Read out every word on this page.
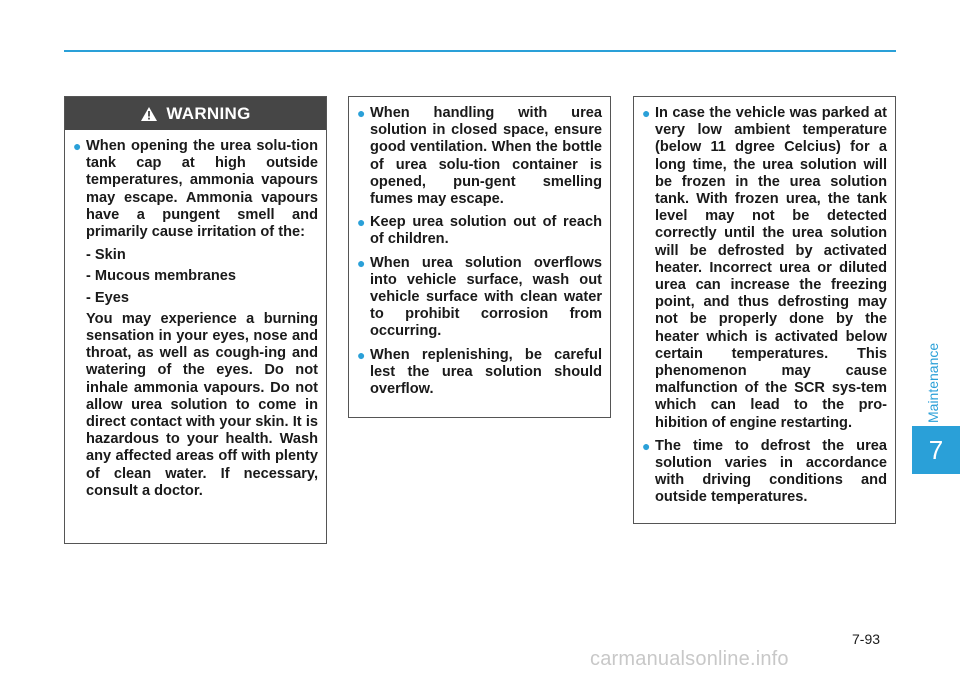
WARNING
● When opening the urea solu-tion tank cap at high outside temperatures, ammonia vapours may escape. Ammonia vapours have a pungent smell and primarily cause irritation of the:
- Skin
- Mucous membranes
- Eyes
You may experience a burning sensation in your eyes, nose and throat, as well as cough-ing and watering of the eyes. Do not inhale ammonia vapours. Do not allow urea solution to come in direct contact with your skin. It is hazardous to your health. Wash any affected areas off with plenty of clean water. If necessary, consult a doctor.
● When handling with urea solution in closed space, ensure good ventilation. When the bottle of urea solu-tion container is opened, pun-gent smelling fumes may escape.
● Keep urea solution out of reach of children.
● When urea solution overflows into vehicle surface, wash out vehicle surface with clean water to prohibit corrosion from occurring.
● When replenishing, be careful lest the urea solution should overflow.
● In case the vehicle was parked at very low ambient temperature (below 11 dgree Celcius) for a long time, the urea solution will be frozen in the urea solution tank. With frozen urea, the tank level may not be detected correctly until the urea solution will be defrosted by activated heater. Incorrect urea or diluted urea can increase the freezing point, and thus defrosting may not be properly done by the heater which is activated below certain temperatures. This phenomenon may cause malfunction of the SCR sys-tem which can lead to the pro-hibition of engine restarting.
● The time to defrost the urea solution varies in accordance with driving conditions and outside temperatures.
Maintenance
7
7-93
carmanualsonline.info
